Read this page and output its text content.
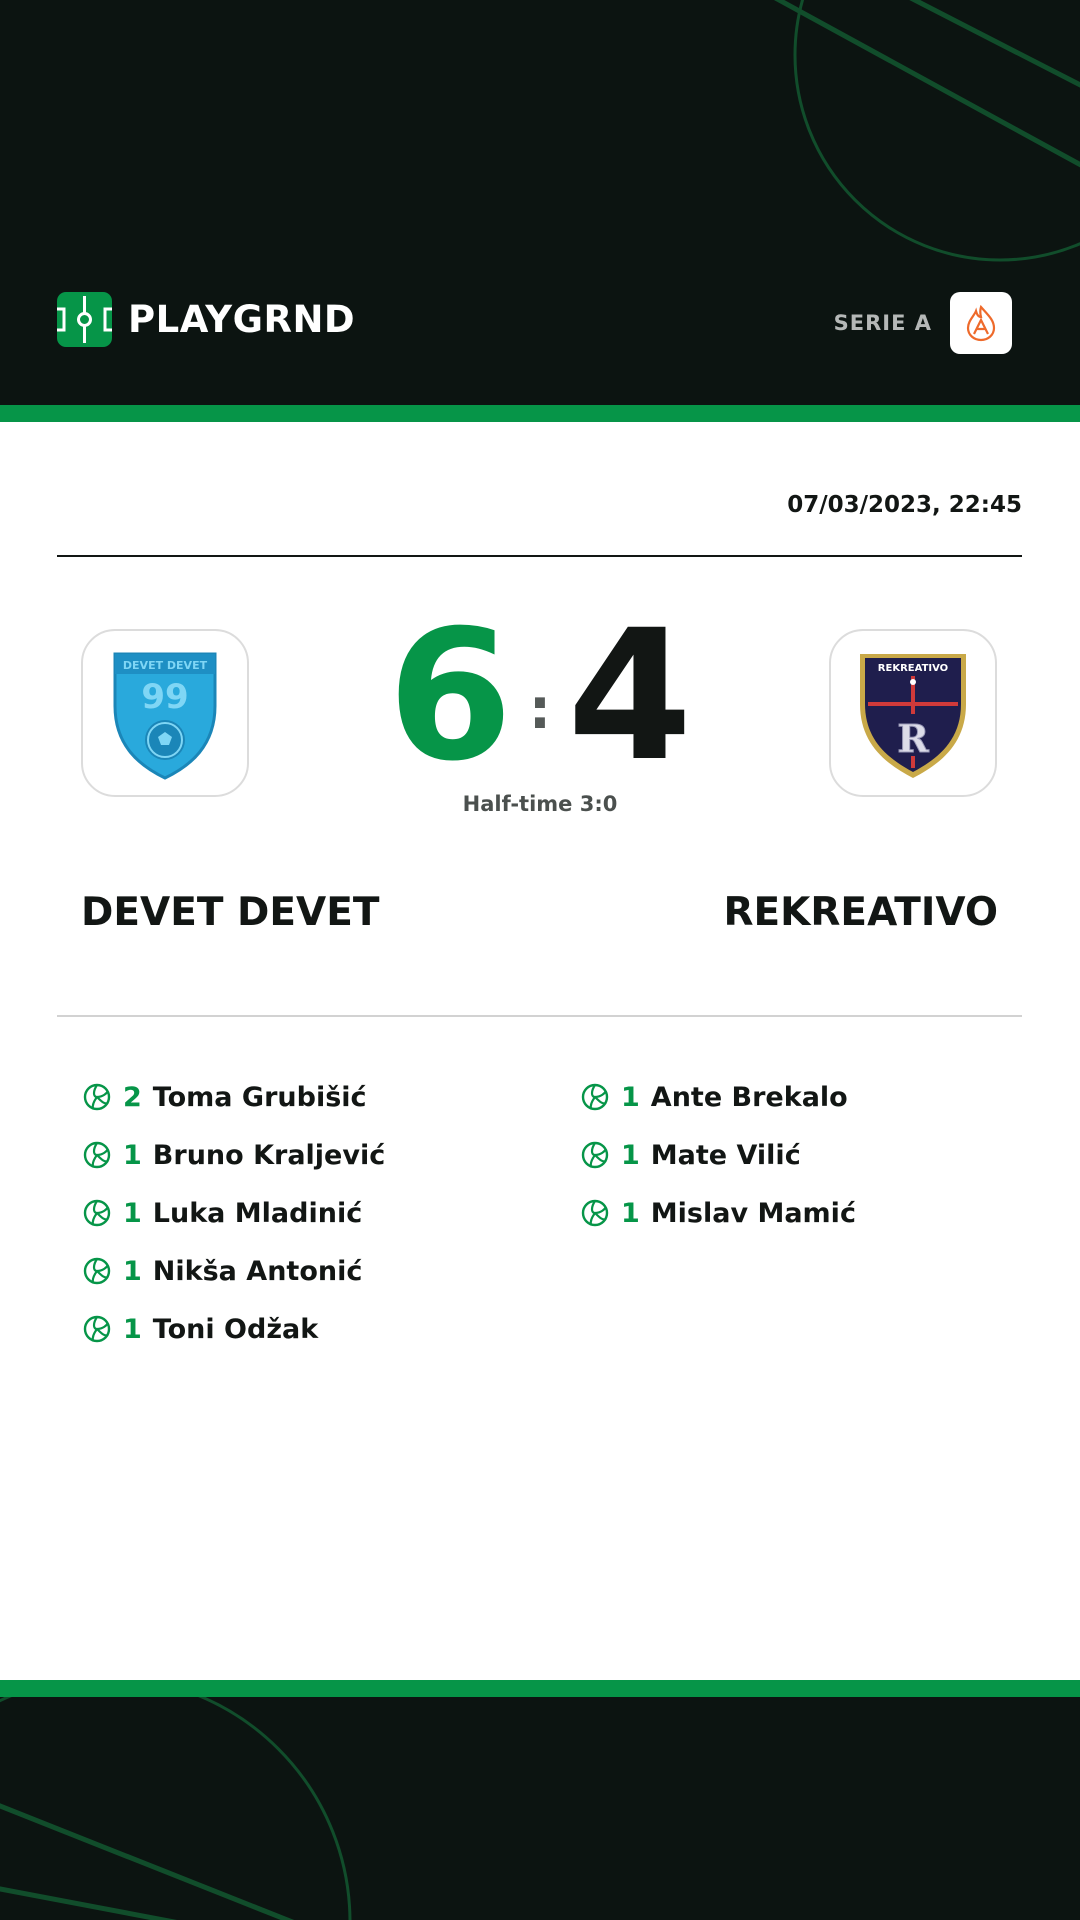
PLAYGRND	SERIE A
07/03/2023, 22:45
DEVET DEVET
99 6 : 4
Half-time 3:0
REKREATIVO
R
DEVET DEVET	REKREATIVO
2 Toma Grubišić
1 Bruno Kraljević
1 Luka Mladinić
1 Nikša Antonić
1 Toni Odžak
1 Ante Brekalo
1 Mate Vilić
1 Mislav Mamić
